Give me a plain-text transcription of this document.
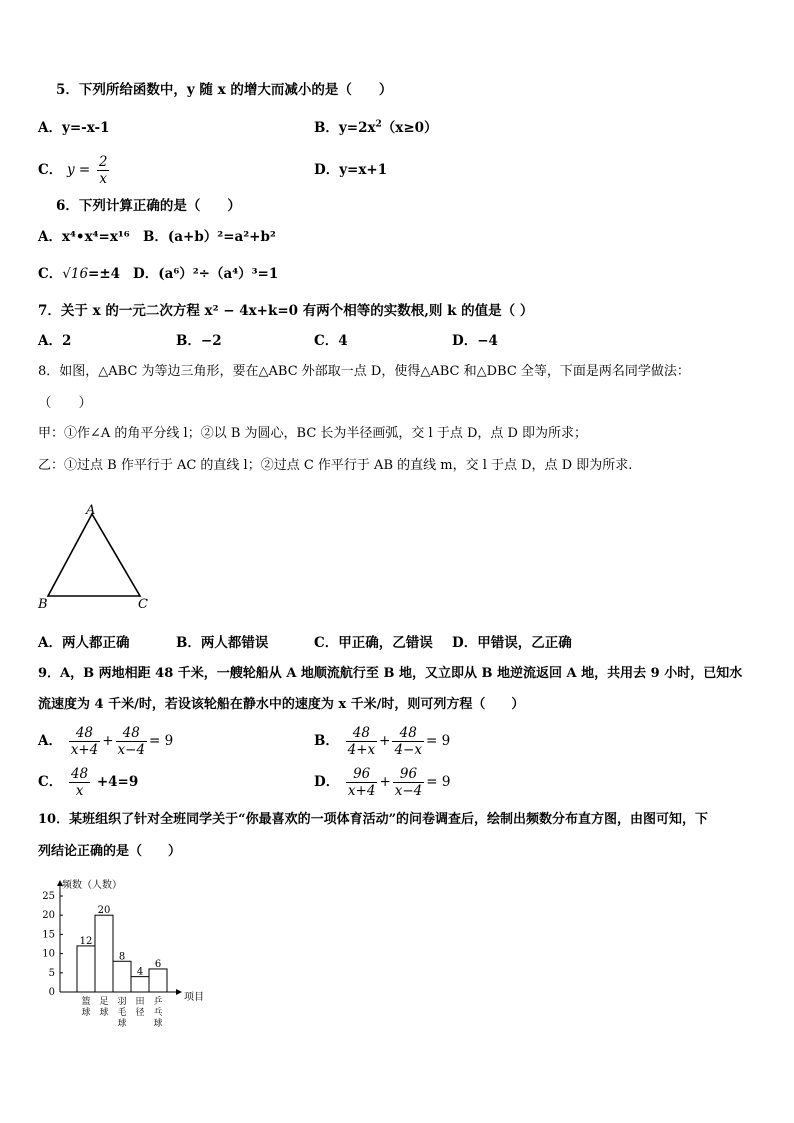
5．下列所给函数中，y 随 x 的增大而减小的是（　　）
A．y=-x-1	B．$y=2x^2(x\ge 0)$
C． $y = \frac{2}{x}$	D．y=x+1
6．下列计算正确的是（　　）
A．x⁴•x⁴=x¹⁶ B．(a+b）²=a²+b²
C．√16=±4 D．(a⁶）²÷（a⁴）³=1
7．关于 x 的一元二次方程 x² − 4x+k=0 有两个相等的实数根,则 k 的值是（ ）
A．2	B．−2	C．4	D．−4
8．如图，△ABC 为等边三角形，要在△ABC 外部取一点 D，使得△ABC 和△DBC 全等，下面是两名同学做法：
（　　）
甲：①作∠A 的角平分线 l；②以 B 为圆心，BC 长为半径画弧，交 l 于点 D，点 D 即为所求；
乙：①过点 B 作平行于 AC 的直线 l；②过点 C 作平行于 AB 的直线 m，交 l 于点 D，点 D 即为所求.
A
B	C
A．两人都正确	B．两人都错误	C．甲正确，乙错误 D．甲错误，乙正确
9．A，B 两地相距 48 千米，一艘轮船从 A 地顺流航行至 B 地，又立即从 B 地逆流返回 A 地，共用去 9 小时，已知水
流速度为 4 千米/时，若设该轮船在静水中的速度为 x 千米/时，则可列方程（　　）
A． $\frac{48}{x+4} + \frac{48}{x-4} = 9$	B． $\frac{48}{4+x} + \frac{48}{4-x} = 9$
C． $\frac{48}{x} +4=9$	D． $\frac{96}{x+4} + \frac{96}{x-4} = 9$
10．某班组织了针对全班同学关于“你最喜欢的一项体育活动”的问卷调查后，绘制出频数分布直方图，由图可知，下
列结论正确的是（　　）
0
5
10
15
20
25
12
20
8
4
6
篮球
足球
羽毛球
田径
乒乓球
频数（人数）
项目
